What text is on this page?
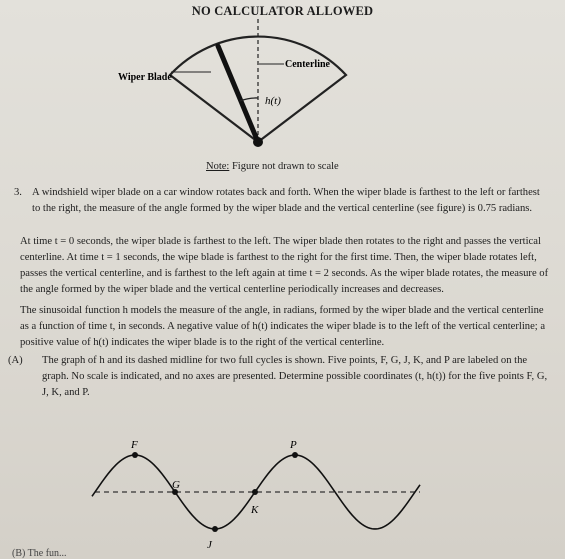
NO CALCULATOR ALLOWED
Wiper Blade
Centerline
h(t)
Note: Figure not drawn to scale
3. A windshield wiper blade on a car window rotates back and forth. When the wiper blade is farthest to the left or farthest to the right, the measure of the angle formed by the wiper blade and the vertical centerline (see figure) is 0.75 radians.
At time t = 0 seconds, the wiper blade is farthest to the left. The wiper blade then rotates to the right and passes the vertical centerline. At time t = 1 seconds, the wipe blade is farthest to the right for the first time. Then, the wiper blade rotates left, passes the vertical centerline, and is farthest to the left again at time t = 2 seconds. As the wiper blade rotates, the measure of the angle formed by the wiper blade and the vertical centerline periodically increases and decreases.
The sinusoidal function h models the measure of the angle, in radians, formed by the wiper blade and the vertical centerline as a function of time t, in seconds. A negative value of h(t) indicates the wiper blade is to the left of the vertical centerline; a positive value of h(t) indicates the wiper blade is to the right of the vertical centerline.
(A) The graph of h and its dashed midline for two full cycles is shown. Five points, F, G, J, K, and P are labeled on the graph. No scale is indicated, and no axes are presented. Determine possible coordinates (t, h(t)) for the five points F, G, J, K, and P.
F
G
K
J
P
(B) The fun...
